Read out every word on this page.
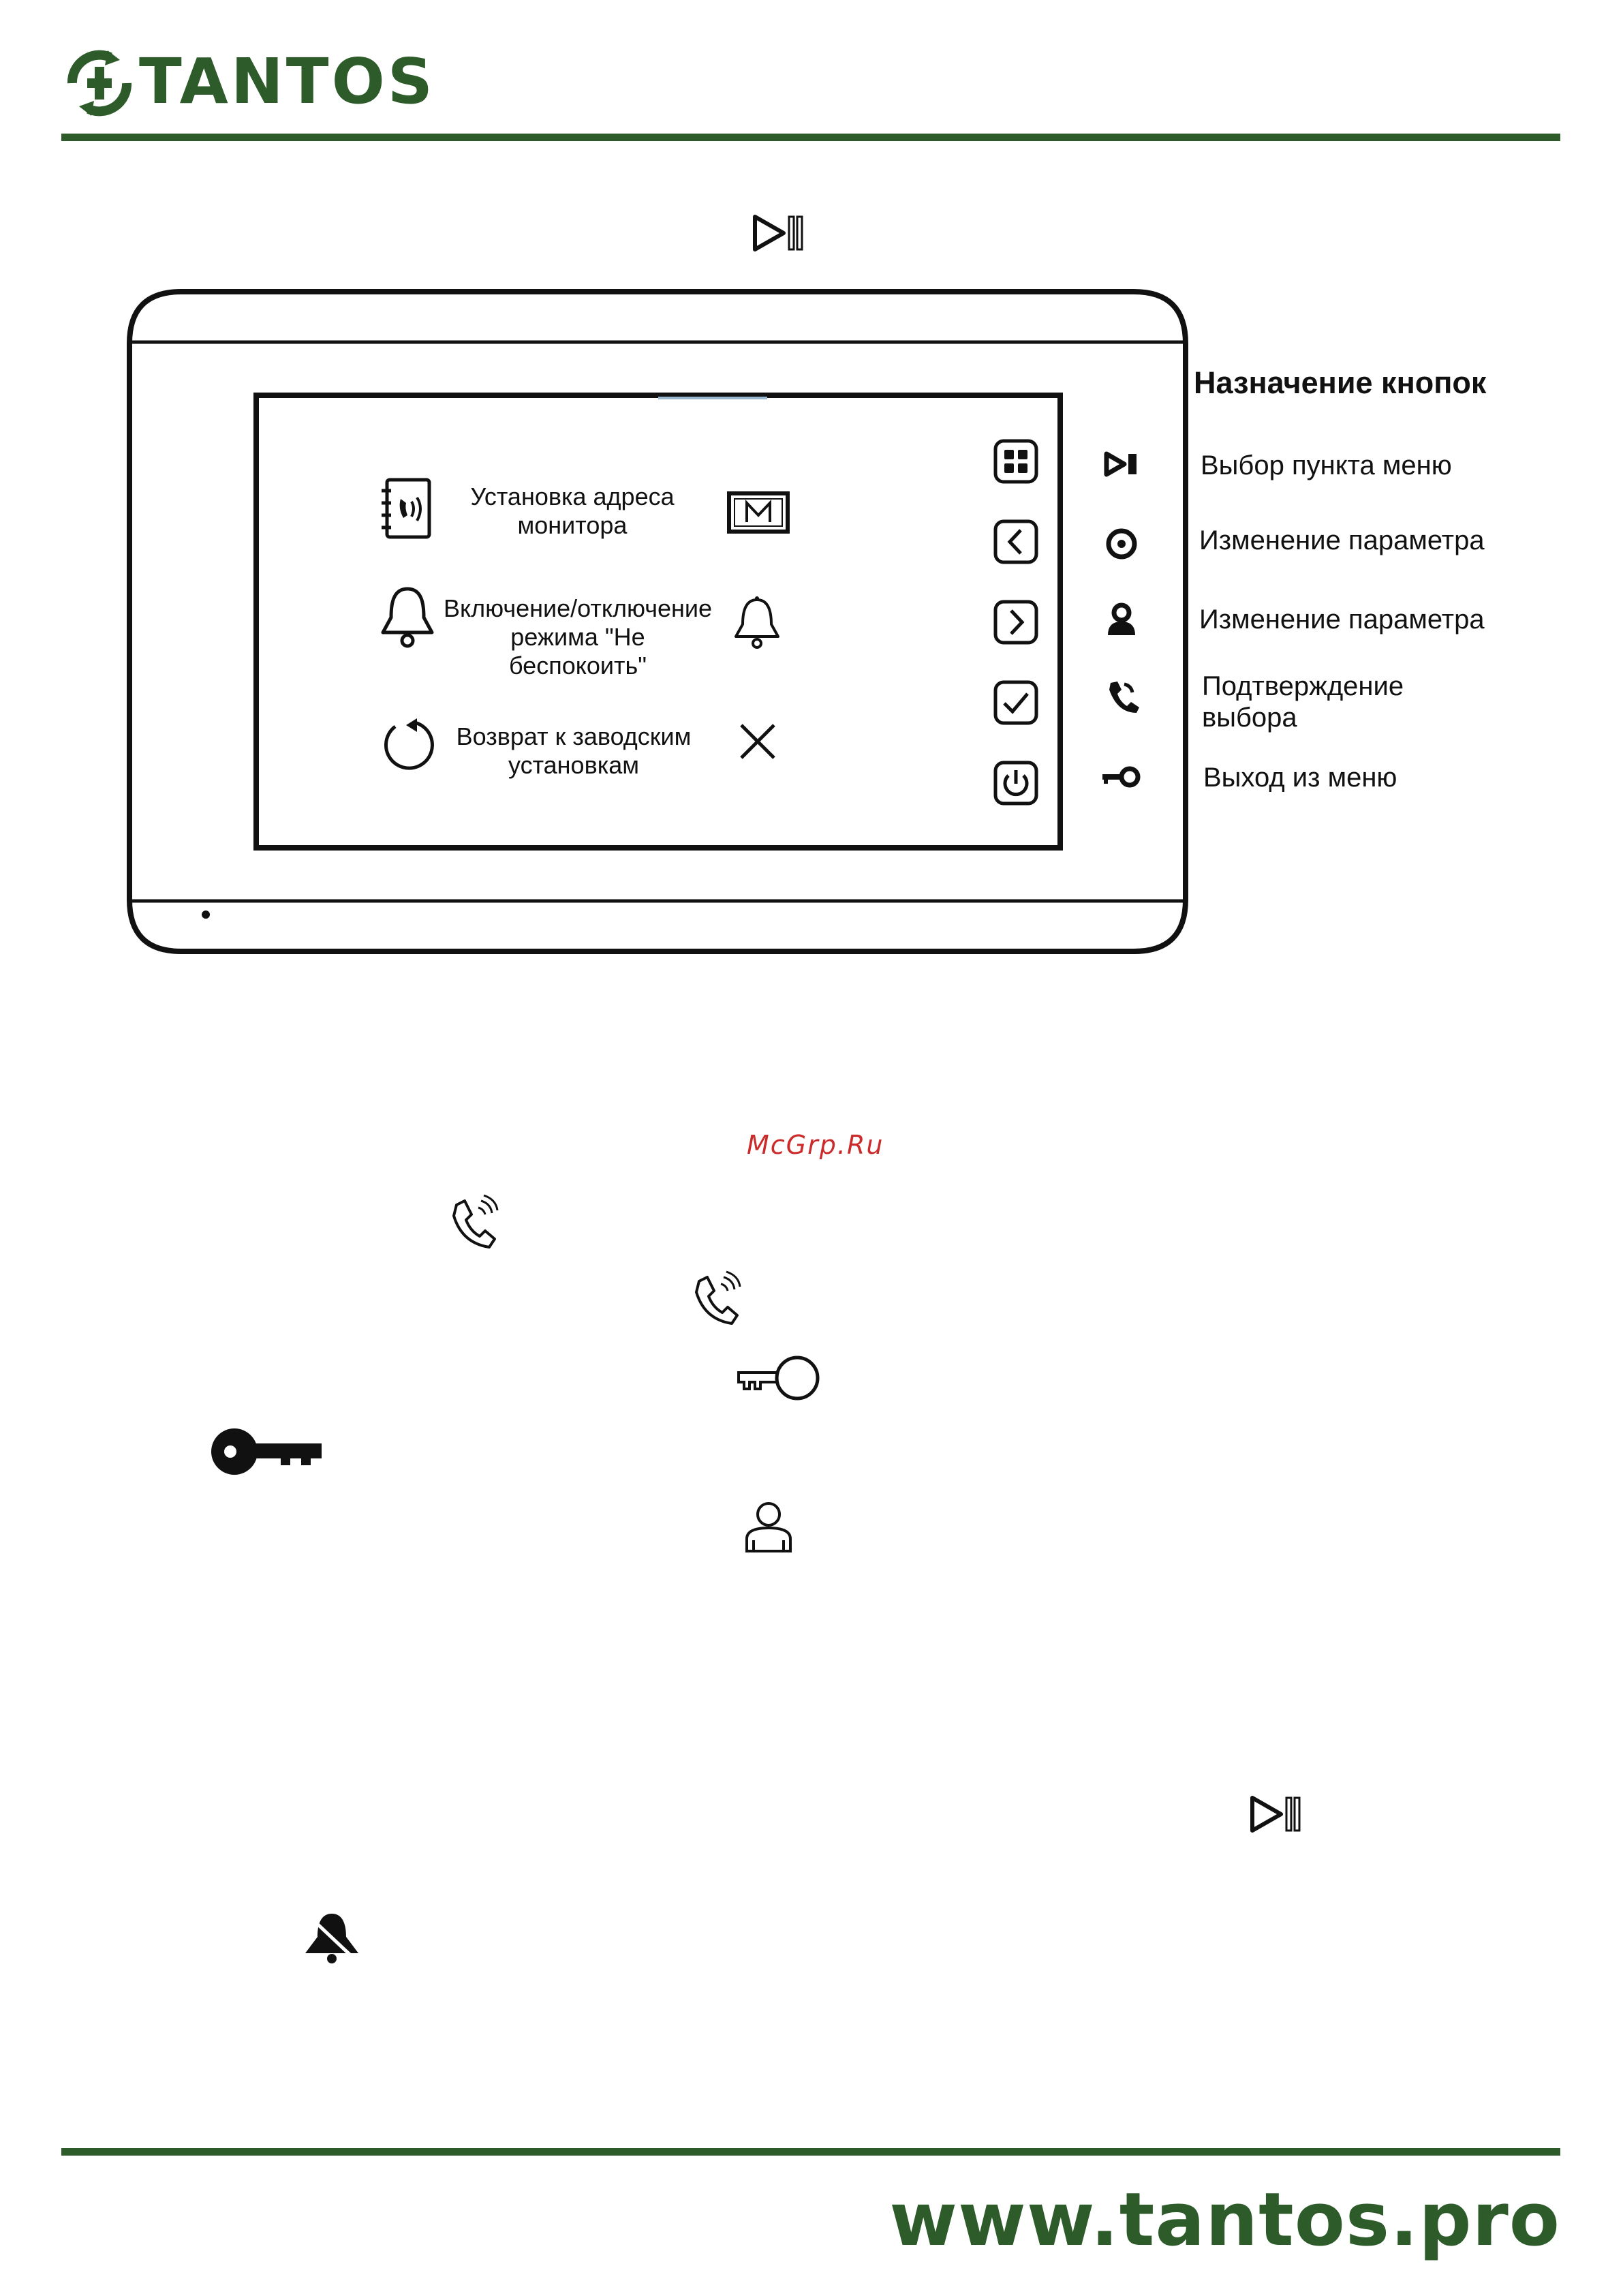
TANTOS
Установка адреса
монитора
Включение/отключение
режима "Не беспокоить"
Возврат к заводским
установкам
Назначение кнопок
Выбор пункта меню
Изменение параметра
Изменение параметра
Подтверждение
выбора
Выход из меню
McGrp.Ru
www.tantos.pro
